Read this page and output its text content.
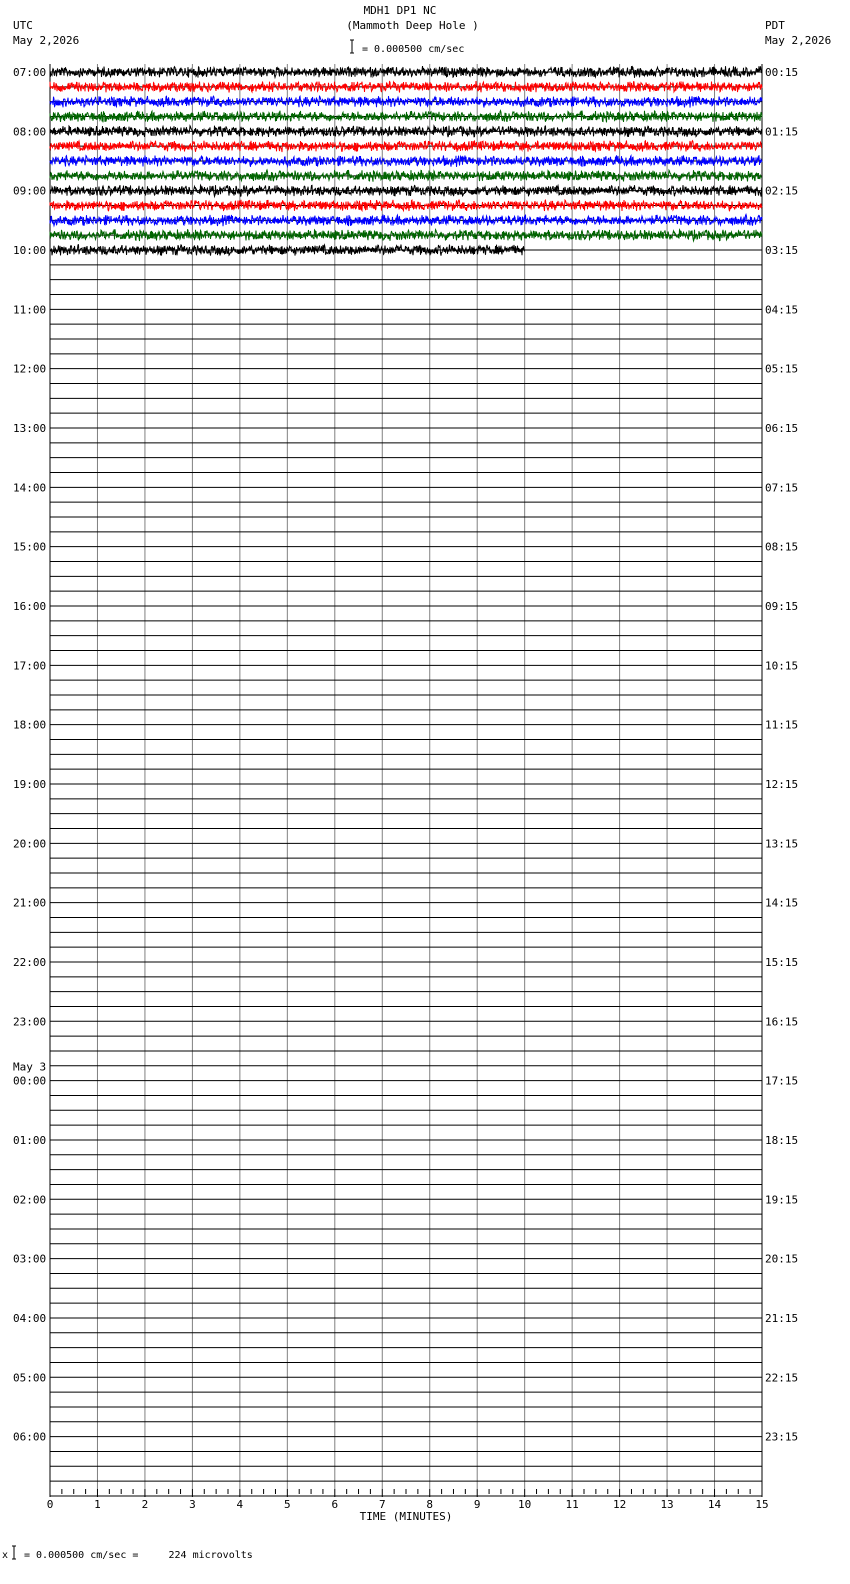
MDH1 DP1 NC
(Mammoth Deep Hole )
UTC
May 2,2026
PDT
May 2,2026
= 0.000500 cm/sec
0	1	2	3	4	5	6	7	8	9	10	11	12	13	14	15
TIME (MINUTES)
07:00
08:00
09:00
10:00
11:00
12:00
13:00
14:00
15:00
16:00
17:00
18:00
19:00
20:00
21:00
22:00
23:00
00:00
May 3
01:00
02:00
03:00
04:00
05:00
06:00
00:15
01:15
02:15
03:15
04:15
05:15
06:15
07:15
08:15
09:15
10:15
11:15
12:15
13:15
14:15
15:15
16:15
17:15
18:15
19:15
20:15
21:15
22:15
23:15
x = 0.000500 cm/sec =     224 microvolts
